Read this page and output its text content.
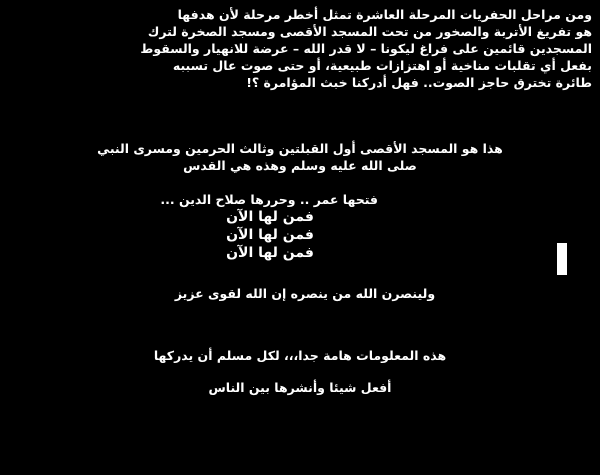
ومن مراحل الحفريات المرحلة العاشرة تمثل أخطر مرحلة لأن هدفها
هو تفريغ الأتربة والصخور من تحت المسجد الأقصى ومسجد الصخرة لترك
المسجدين قائمين على فراغ ليكونا – لا قدر الله – عرضة للانهيار والسقوط
بفعل أي تقلبات مناخية أو اهتزازات طبيعية، أو حتى صوت عال تسببه
طائرة تخترق حاجز الصوت.. فهل أدركنا خبث المؤامرة ؟!
هذا هو المسجد الأقصى أول القبلتين وثالث الحرمين ومسرى النبي
صلى الله عليه وسلم وهذه هي القدس
فتحها عمر .. وحررها صلاح الدين ...
فمن لها الآن
فمن لها الآن
فمن لها الآن
ولينصرن الله من ينصره إن الله لقوى عزيز
هذه المعلومات هامة جدا،،، لكل مسلم أن يدركها
أفعل شيئا وأنشرها بين الناس
